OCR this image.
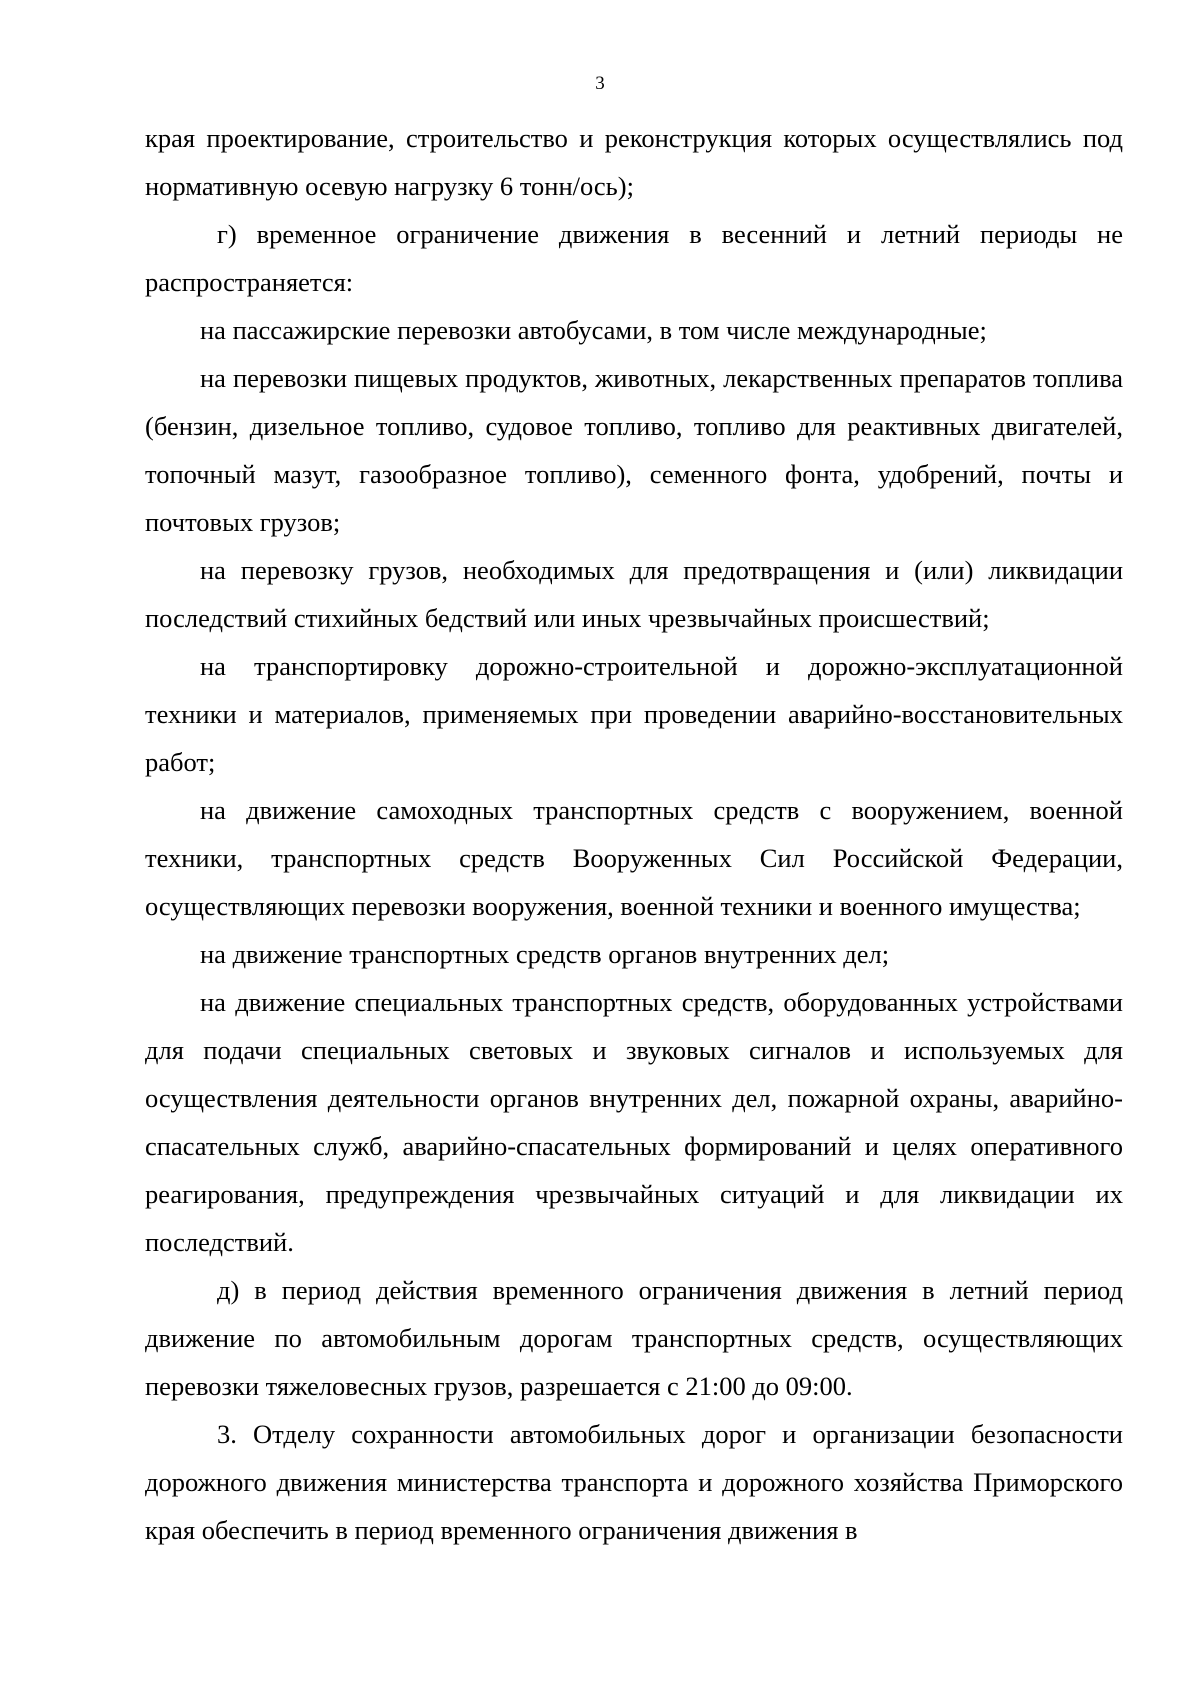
3

края проектирование, строительство и реконструкция которых осуществлялись под нормативную осевую нагрузку 6 тонн/ось);

г) временное ограничение движения в весенний и летний периоды не распространяется:

на пассажирские перевозки автобусами, в том числе международные;

на перевозки пищевых продуктов, животных, лекарственных препаратов топлива (бензин, дизельное топливо, судовое топливо, топливо для реактивных двигателей, топочный мазут, газообразное топливо), семенного фонта, удобрений, почты и почтовых грузов;

на перевозку грузов, необходимых для предотвращения и (или) ликвидации последствий стихийных бедствий или иных чрезвычайных происшествий;

на транспортировку дорожно-строительной и дорожно-эксплуатационной техники и материалов, применяемых при проведении аварийно-восстановительных работ;

на движение самоходных транспортных средств с вооружением, военной техники, транспортных средств Вооруженных Сил Российской Федерации, осуществляющих перевозки вооружения, военной техники и военного имущества;

на движение транспортных средств органов внутренних дел;

на движение специальных транспортных средств, оборудованных устройствами для подачи специальных световых и звуковых сигналов и используемых для осуществления деятельности органов внутренних дел, пожарной охраны, аварийно-спасательных служб, аварийно-спасательных формирований и целях оперативного реагирования, предупреждения чрезвычайных ситуаций и для ликвидации их последствий.

д) в период действия временного ограничения движения в летний период движение по автомобильным дорогам транспортных средств, осуществляющих перевозки тяжеловесных грузов, разрешается с 21:00 до 09:00.

3. Отделу сохранности автомобильных дорог и организации безопасности дорожного движения министерства транспорта и дорожного хозяйства Приморского края обеспечить в период временного ограничения движения в
